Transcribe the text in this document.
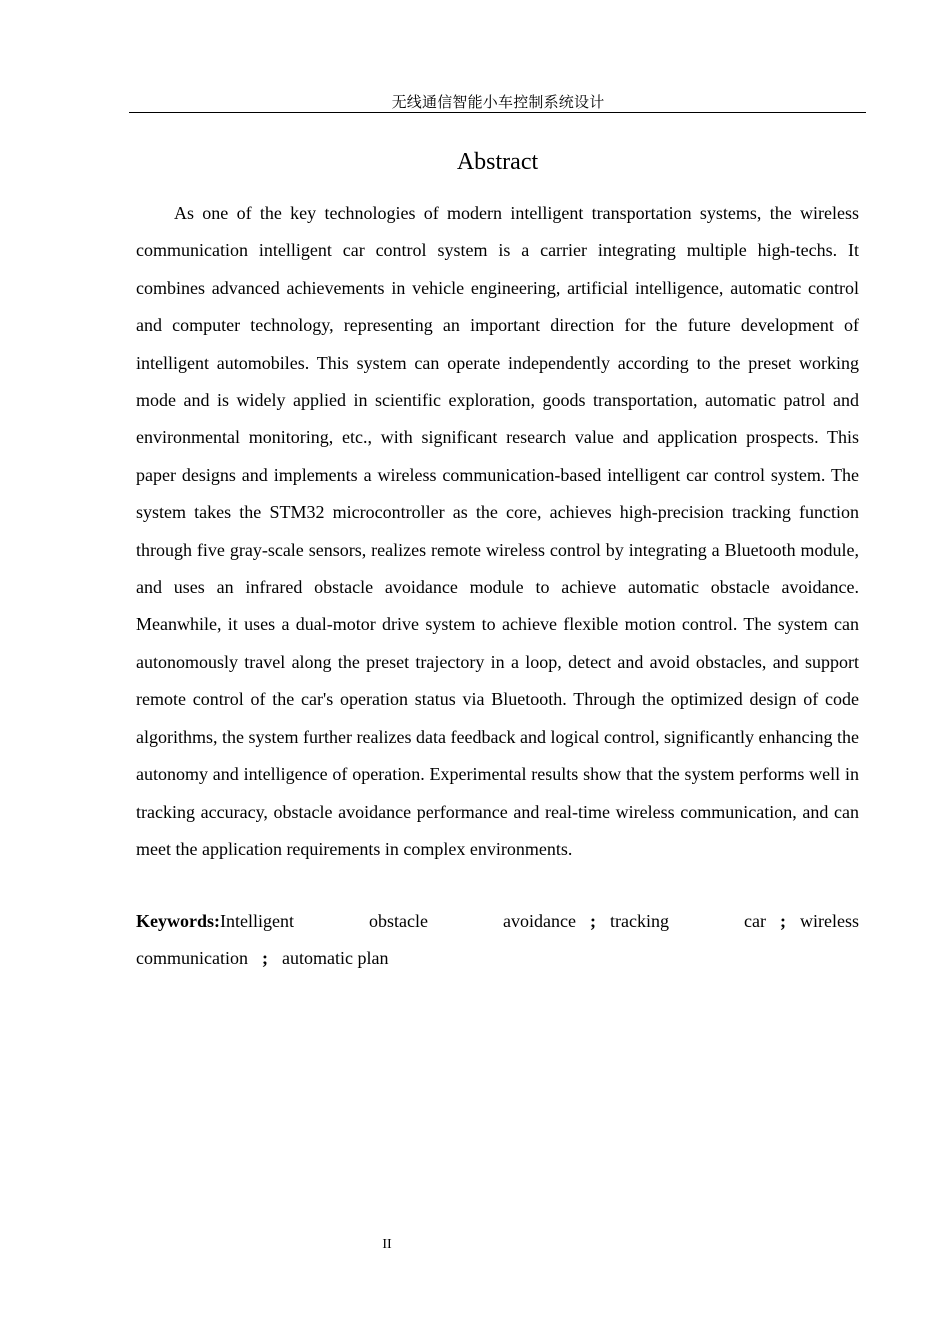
无线通信智能小车控制系统设计
Abstract

As one of the key technologies of modern intelligent transportation systems, the wireless communication intelligent car control system is a carrier integrating multiple high-techs. It combines advanced achievements in vehicle engineering, artificial intelligence, automatic control and computer technology, representing an important direction for the future development of intelligent automobiles. This system can operate independently according to the preset working mode and is widely applied in scientific exploration, goods transportation, automatic patrol and environmental monitoring, etc., with significant research value and application prospects. This paper designs and implements a wireless communication-based intelligent car control system. The system takes the STM32 microcontroller as the core, achieves high-precision tracking function through five gray-scale sensors, realizes remote wireless control by integrating a Bluetooth module, and uses an infrared obstacle avoidance module to achieve automatic obstacle avoidance. Meanwhile, it uses a dual-motor drive system to achieve flexible motion control. The system can autonomously travel along the preset trajectory in a loop, detect and avoid obstacles, and support remote control of the car's operation status via Bluetooth. Through the optimized design of code algorithms, the system further realizes data feedback and logical control, significantly enhancing the autonomy and intelligence of operation. Experimental results show that the system performs well in tracking accuracy, obstacle avoidance performance and real-time wireless communication, and can meet the application requirements in complex environments.

Keywords:Intelligent obstacle avoidance ; tracking car ; wireless communication ; automatic plan

II
